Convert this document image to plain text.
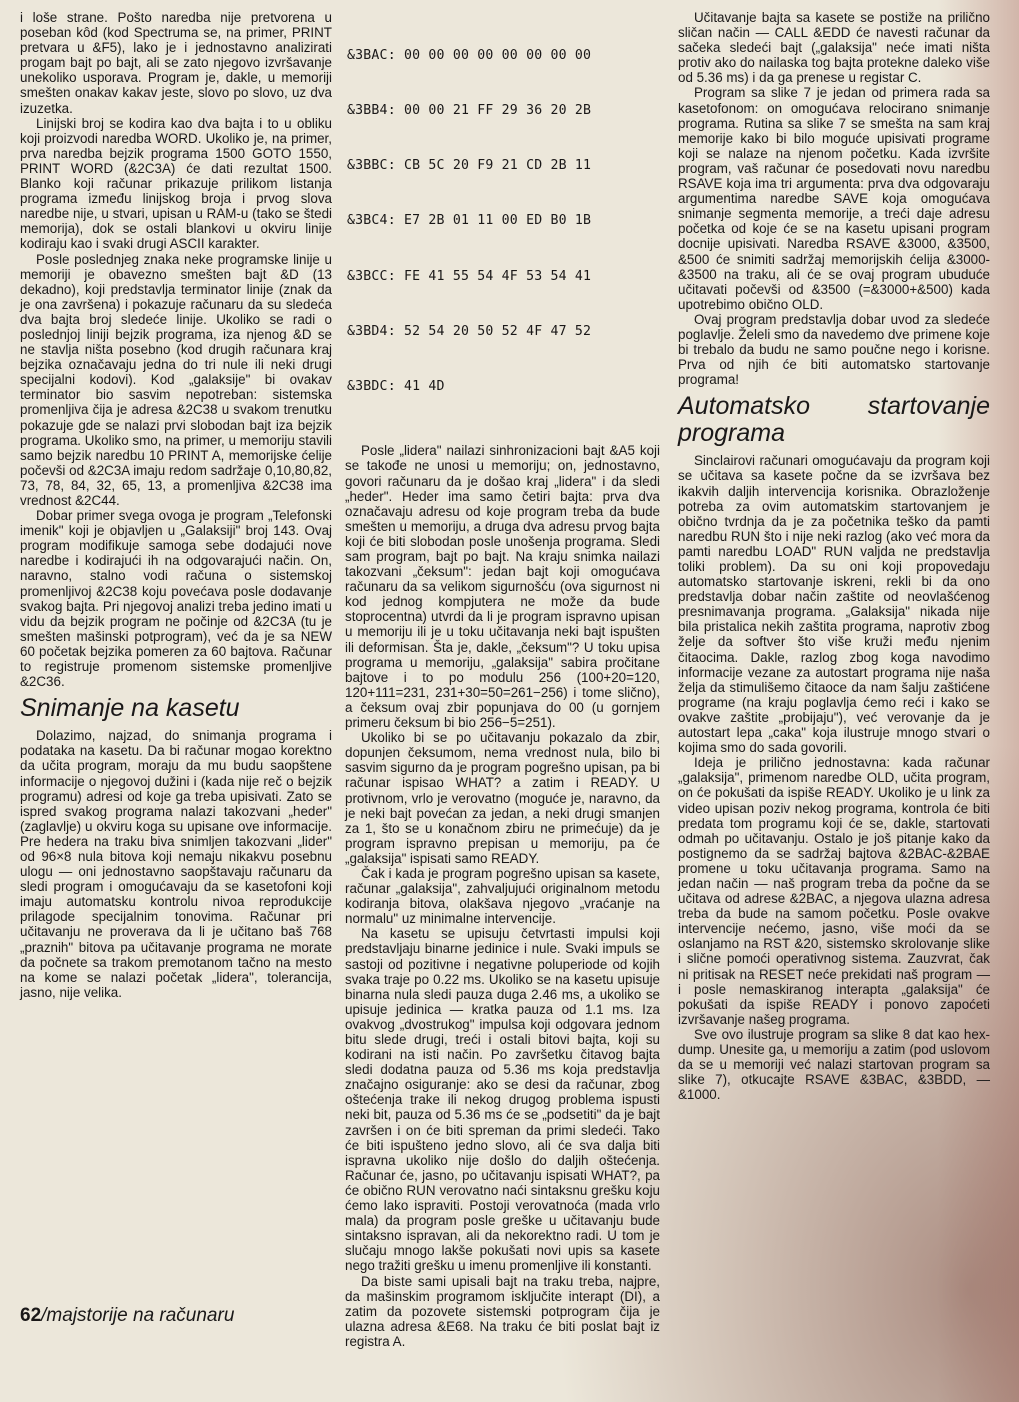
i loše strane. Pošto naredba nije pretvorena u poseban kôd (kod Spectruma se, na primer, PRINT pretvara u &F5), lako je i jednostavno analizirati progam bajt po bajt, ali se zato njegovo izvršavanje unekoliko usporava. Program je, dakle, u memoriji smešten onakav kakav jeste, slovo po slovo, uz dva izuzetka.

Linijski broj se kodira kao dva bajta i to u obliku koji proizvodi naredba WORD. Ukoliko je, na primer, prva naredba bejzik programa 1500 GOTO 1550, PRINT WORD (&2C3A) će dati rezultat 1500. Blanko koji računar prikazuje prilikom listanja programa između linijskog broja i prvog slova naredbe nije, u stvari, upisan u RAM-u (tako se štedi memorija), dok se ostali blankovi u okviru linije kodiraju kao i svaki drugi ASCII karakter.

Posle poslednjeg znaka neke programske linije u memoriji je obavezno smešten bajt &D (13 dekadno), koji predstavlja terminator linije (znak da je ona završena) i pokazuje računaru da su sledeća dva bajta broj sledeće linije. Ukoliko se radi o poslednjoj liniji bejzik programa, iza njenog &D se ne stavlja ništa posebno (kod drugih računara kraj bejzika označavaju jedna do tri nule ili neki drugi specijalni kodovi). Kod „galaksije" bi ovakav terminator bio sasvim nepotreban: sistemska promenljiva čija je adresa &2C38 u svakom trenutku pokazuje gde se nalazi prvi slobodan bajt iza bejzik programa. Ukoliko smo, na primer, u memoriju stavili samo bejzik naredbu 10 PRINT A, memorijske ćelije počevši od &2C3A imaju redom sadržaje 0,10,80,82, 73, 78, 84, 32, 65, 13, a promenljiva &2C38 ima vrednost &2C44.

Dobar primer svega ovoga je program „Telefonski imenik" koji je objavljen u „Galaksiji" broj 143. Ovaj program modifikuje samoga sebe dodajući nove naredbe i kodirajući ih na odgovarajući način. On, naravno, stalno vodi računa o sistemskoj promenljivoj &2C38 koju povećava posle dodavanje svakog bajta. Pri njegovoj analizi treba jedino imati u vidu da bejzik program ne počinje od &2C3A (tu je smešten mašinski potprogram), već da je sa NEW 60 početak bejzika pomeren za 60 bajtova. Računar to registruje promenom sistemske promenljive &2C36.

Snimanje na kasetu

Dolazimo, najzad, do snimanja programa i podataka na kasetu. Da bi računar mogao korektno da učita program, moraju da mu budu saopštene informacije o njegovoj dužini i (kada nije reč o bejzik programu) adresi od koje ga treba upisivati. Zato se ispred svakog programa nalazi takozvani „heder" (zaglavlje) u okviru koga su upisane ove informacije. Pre hedera na traku biva snimljen takozvani „lider" od 96×8 nula bitova koji nemaju nikakvu posebnu ulogu — oni jednostavno saopštavaju računaru da sledi program i omogućavaju da se kasetofoni koji imaju automatsku kontrolu nivoa reprodukcije prilagode specijalnim tonovima. Računar pri učitavanju ne proverava da li je učitano baš 768 „praznih" bitova pa učitavanje programa ne morate da počnete sa trakom premotanom tačno na mesto na kome se nalazi početak „lidera", tolerancija, jasno, nije velika.

&3BAC: 00 00 00 00 00 00 00 00

&3BB4: 00 00 21 FF 29 36 20 2B

&3BBC: CB 5C 20 F9 21 CD 2B 11

&3BC4: E7 2B 01 11 00 ED B0 1B

&3BCC: FE 41 55 54 4F 53 54 41

&3BD4: 52 54 20 50 52 4F 47 52

&3BDC: 41 4D

Posle „lidera" nailazi sinhronizacioni bajt &A5 koji se takođe ne unosi u memoriju; on, jednostavno, govori računaru da je došao kraj „lidera" i da sledi „heder". Heder ima samo četiri bajta: prva dva označavaju adresu od koje program treba da bude smešten u memoriju, a druga dva adresu prvog bajta koji će biti slobodan posle unošenja programa. Sledi sam program, bajt po bajt. Na kraju snimka nailazi takozvani „čeksum": jedan bajt koji omogućava računaru da sa velikom sigurnošću (ova sigurnost ni kod jednog kompjutera ne može da bude stoprocentna) utvrdi da li je program ispravno upisan u memoriju ili je u toku učitavanja neki bajt ispušten ili deformisan. Šta je, dakle, „čeksum"? U toku upisa programa u memoriju, „galaksija" sabira pročitane bajtove i to po modulu 256 (100+20=120, 120+111=231, 231+30=50=261−256) i tome slično), a čeksum ovaj zbir popunjava do 00 (u gornjem primeru čeksum bi bio 256−5=251).

Ukoliko bi se po učitavanju pokazalo da zbir, dopunjen čeksumom, nema vrednost nula, bilo bi sasvim sigurno da je program pogrešno upisan, pa bi računar ispisao WHAT? a zatim i READY. U protivnom, vrlo je verovatno (moguće je, naravno, da je neki bajt povećan za jedan, a neki drugi smanjen za 1, što se u konačnom zbiru ne primećuje) da je program ispravno prepisan u memoriju, pa će „galaksija" ispisati samo READY.

Čak i kada je program pogrešno upisan sa kasete, računar „galaksija", zahvaljujući originalnom metodu kodiranja bitova, olakšava njegovo „vraćanje na normalu" uz minimalne intervencije.

Na kasetu se upisuju četvrtasti impulsi koji predstavljaju binarne jedinice i nule. Svaki impuls se sastoji od pozitivne i negativne poluperiode od kojih svaka traje po 0.22 ms. Ukoliko se na kasetu upisuje binarna nula sledi pauza duga 2.46 ms, a ukoliko se upisuje jedinica — kratka pauza od 1.1 ms. Iza ovakvog „dvostrukog" impulsa koji odgovara jednom bitu slede drugi, treći i ostali bitovi bajta, koji su kodirani na isti način. Po završetku čitavog bajta sledi dodatna pauza od 5.36 ms koja predstavlja značajno osiguranje: ako se desi da računar, zbog oštećenja trake ili nekog drugog problema ispusti neki bit, pauza od 5.36 ms će se „podsetiti" da je bajt završen i on će biti spreman da primi sledeći. Tako će biti ispušteno jedno slovo, ali će sva dalja biti ispravna ukoliko nije došlo do dalјih oštećenja. Računar će, jasno, po učitavanju ispisati WHAT?, pa će obično RUN verovatno naći sintaksnu grešku koju ćemo lako ispraviti. Postoji verovatnoća (mada vrlo mala) da program posle greške u učitavanju bude sintaksno ispravan, ali da nekorektno radi. U tom je slučaju mnogo lakše pokušati novi upis sa kasete nego tražiti grešku u imenu promenljive ili konstanti.

Da biste sami upisali bajt na traku treba, najpre, da mašinskim programom isključite interapt (DI), a zatim da pozovete sistemski potprogram čija je ulazna adresa &E68. Na traku će biti poslat bajt iz registra A.

Učitavanje bajta sa kasete se postiže na prilično sličan način — CALL &EDD će navesti računar da sačeka sledeći bajt („galaksija" neće imati ništa protiv ako do nailaska tog bajta protekne daleko više od 5.36 ms) i da ga prenese u registar C.

Program sa slike 7 je jedan od primera rada sa kasetofonom: on omogućava relocirano snimanje programa. Rutina sa slike 7 se smešta na sam kraj memorije kako bi bilo moguće upisivati programe koji se nalaze na njenom početku. Kada izvršite program, vaš računar će posedovati novu naredbu RSAVE koja ima tri argumenta: prva dva odgovaraju argumentima naredbe SAVE koja omogućava snimanje segmenta memorije, a treći daje adresu početka od koje će se na kasetu upisani program docnije upisivati. Naredba RSAVE &3000, &3500, &500 će snimiti sadržaj memorijskih ćelija &3000-&3500 na traku, ali će se ovaj program ubuduće učitavati počevši od &3500 (=&3000+&500) kada upotrebimo obično OLD.

Ovaj program predstavlja dobar uvod za sledeće poglavlje. Želeli smo da navedemo dve primene koje bi trebalo da budu ne samo poučne nego i korisne. Prva od njih će biti automatsko startovanje programa!

Automatsko startovanje programa

Sinclairovi računari omogućavaju da program koji se učitava sa kasete počne da se izvršava bez ikakvih daljih intervencija korisnika. Obrazloženje potreba za ovim automatskim startovanjem je obično tvrdnja da je za početnika teško da pamti naredbu RUN što i nije neki razlog (ako već mora da pamti naredbu LOAD" RUN valjda ne predstavlja toliki problem). Da su oni koji propovedaju automatsko startovanje iskreni, rekli bi da ono predstavlja dobar način zaštite od neovlašćenog presnimavanja programa. „Galaksija" nikada nije bila pristalica nekih zaštita programa, naprotiv zbog želje da softver što više kruži među njenim čitaocima. Dakle, razlog zbog koga navodimo informacije vezane za autostart programa nije naša želja da stimulišemo čitaoce da nam šalju zaštićene programe (na kraju poglavlja ćemo reći i kako se ovakve zaštite „probijaju"), već verovanje da je autostart lepa „caka" koja ilustruje mnogo stvari o kojima smo do sada govorili.

Ideja je prilično jednostavna: kada računar „galaksija", primenom naredbe OLD, učita program, on će pokušati da ispiše READY. Ukoliko je u link za video upisan poziv nekog programa, kontrola će biti predata tom programu koji će se, dakle, startovati odmah po učitavanju. Ostalo je još pitanje kako da postignemo da se sadržaj bajtova &2BAC-&2BAE promene u toku učitavanja programa. Samo na jedan način — naš program treba da počne da se učitava od adrese &2BAC, a njegova ulazna adresa treba da bude na samom početku. Posle ovakve intervencije nećemo, jasno, više moći da se oslanjamo na RST &20, sistemsko skrolovanje slike i slične pomoći operativnog sistema. Zauzvrat, čak ni pritisak na RESET neće prekidati naš program — i posle nemaskiranog interapta „galaksija" će pokušati da ispiše READY i ponovo zapoćeti izvršavanje našeg programa.

Sve ovo ilustruje program sa slike 8 dat kao hex-dump. Unesite ga, u memoriju a zatim (pod uslovom da se u memoriji već nalazi startovan program sa slike 7), otkucajte RSAVE &3BAC, &3BDD, — &1000.

62/majstorije na računaru
